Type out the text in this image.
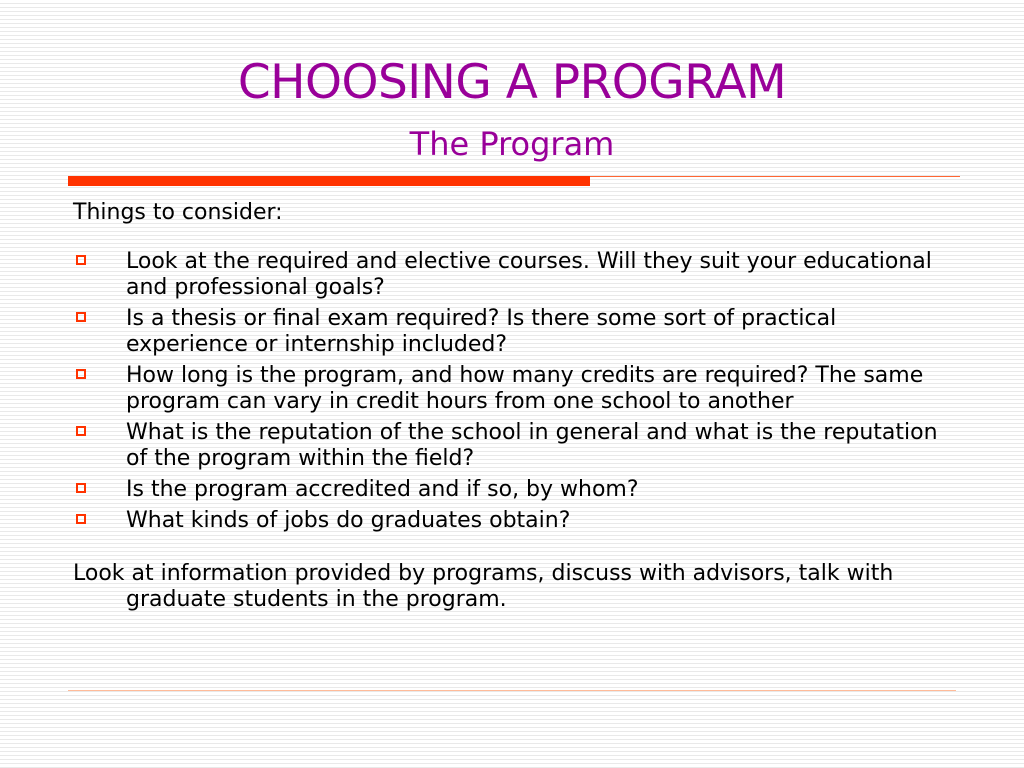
CHOOSING A PROGRAM
The Program

Things to consider:

Look at the required and elective courses. Will they suit your educational and professional goals?
Is a thesis or final exam required? Is there some sort of practical experience or internship included?
How long is the program, and how many credits are required? The same program can vary in credit hours from one school to another
What is the reputation of the school in general and what is the reputation of the program within the field?
Is the program accredited and if so, by whom?
What kinds of jobs do graduates obtain?

Look at information provided by programs, discuss with advisors, talk with graduate students in the program.
